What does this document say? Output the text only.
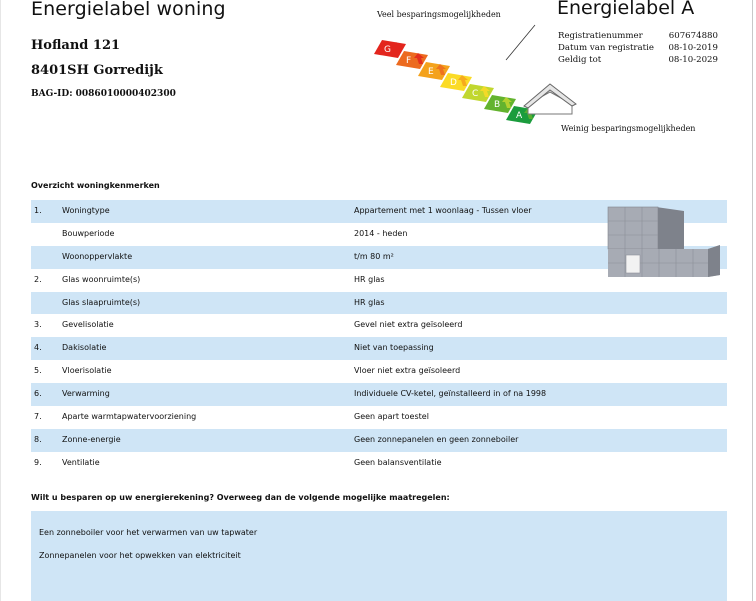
Energielabel woning
Hofland 121
8401SH Gorredijk
BAG-ID: 0086010000402300
G
F
E
D
C
B
A
Veel besparingsmogelijkheden
Weinig besparingsmogelijkheden
Energielabel A
Registratienummer	607674880
Datum van registratie 08-10-2019
Geldig tot	08-10-2029
Overzicht woningkenmerken
1.	Woningtype	Appartement met 1 woonlaag - Tussen vloer
Bouwperiode	2014 - heden
Woonoppervlakte	t/m 80 m²
2.	Glas woonruimte(s)	HR glas
Glas slaapruimte(s)	HR glas
3.	Gevelisolatie	Gevel niet extra geïsoleerd
4.	Dakisolatie	Niet van toepassing
5.	Vloerisolatie	Vloer niet extra geïsoleerd
6.	Verwarming	Individuele CV-ketel, geïnstalleerd in of na 1998
7.	Aparte warmtapwatervoorziening	Geen apart toestel
8.	Zonne-energie	Geen zonnepanelen en geen zonneboiler
9.	Ventilatie	Geen balansventilatie
Wilt u besparen op uw energierekening? Overweeg dan de volgende mogelijke maatregelen:
Een zonneboiler voor het verwarmen van uw tapwater
Zonnepanelen voor het opwekken van elektriciteit
